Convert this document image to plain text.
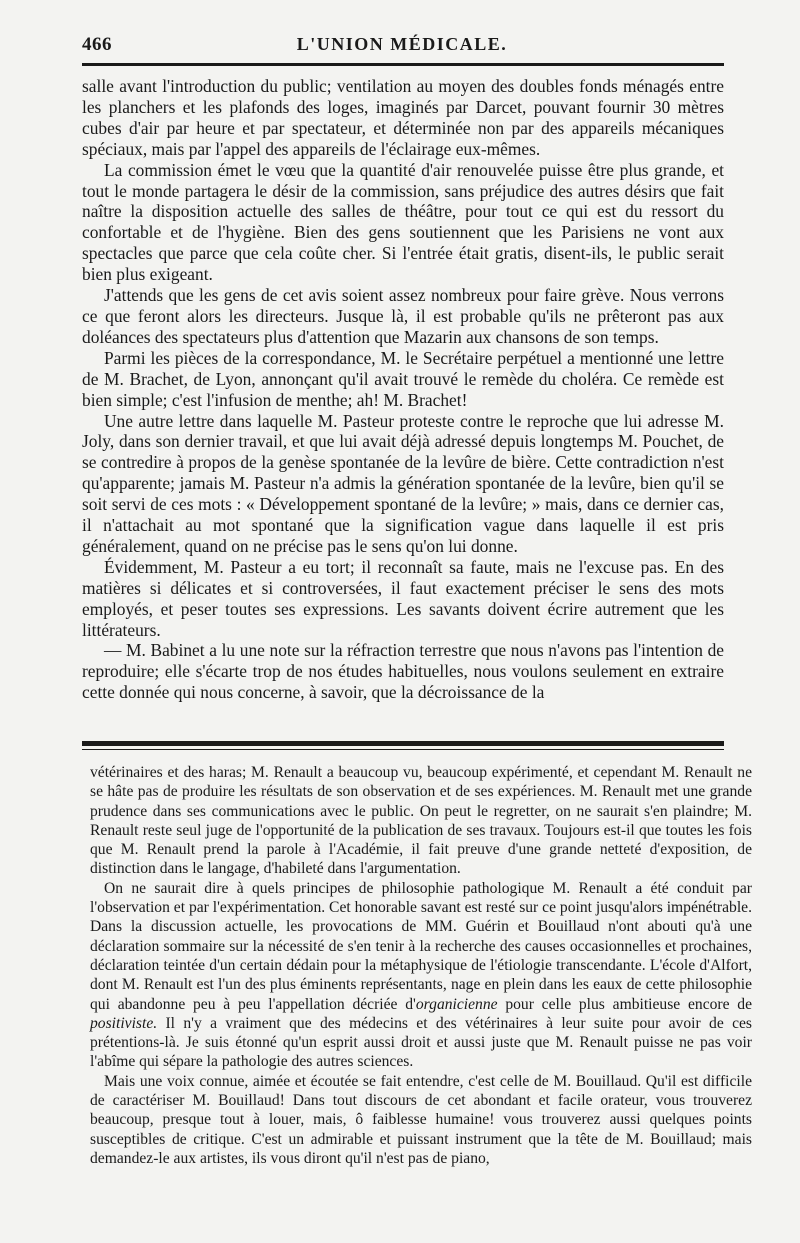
466	L'UNION MÉDICALE.

salle avant l'introduction du public; ventilation au moyen des doubles fonds ménagés entre les planchers et les plafonds des loges, imaginés par Darcet, pouvant fournir 30 mètres cubes d'air par heure et par spectateur, et déterminée non par des appareils mécaniques spéciaux, mais par l'appel des appareils de l'éclairage eux-mêmes.

La commission émet le vœu que la quantité d'air renouvelée puisse être plus grande, et tout le monde partagera le désir de la commission, sans préjudice des autres désirs que fait naître la disposition actuelle des salles de théâtre, pour tout ce qui est du ressort du confortable et de l'hygiène. Bien des gens soutiennent que les Parisiens ne vont aux spectacles que parce que cela coûte cher. Si l'entrée était gratis, disent-ils, le public serait bien plus exigeant.

J'attends que les gens de cet avis soient assez nombreux pour faire grève. Nous verrons ce que feront alors les directeurs. Jusque là, il est probable qu'ils ne prêteront pas aux doléances des spectateurs plus d'attention que Mazarin aux chansons de son temps.

Parmi les pièces de la correspondance, M. le Secrétaire perpétuel a mentionné une lettre de M. Brachet, de Lyon, annonçant qu'il avait trouvé le remède du choléra. Ce remède est bien simple; c'est l'infusion de menthe; ah! M. Brachet!

Une autre lettre dans laquelle M. Pasteur proteste contre le reproche que lui adresse M. Joly, dans son dernier travail, et que lui avait déjà adressé depuis longtemps M. Pouchet, de se contredire à propos de la genèse spontanée de la levûre de bière. Cette contradiction n'est qu'apparente; jamais M. Pasteur n'a admis la génération spontanée de la levûre, bien qu'il se soit servi de ces mots : « Développement spontané de la levûre; » mais, dans ce dernier cas, il n'attachait au mot spontané que la signification vague dans laquelle il est pris généralement, quand on ne précise pas le sens qu'on lui donne.

Évidemment, M. Pasteur a eu tort; il reconnaît sa faute, mais ne l'excuse pas. En des matières si délicates et si controversées, il faut exactement préciser le sens des mots employés, et peser toutes ses expressions. Les savants doivent écrire autrement que les littérateurs.

— M. Babinet a lu une note sur la réfraction terrestre que nous n'avons pas l'intention de reproduire; elle s'écarte trop de nos études habituelles, nous voulons seulement en extraire cette donnée qui nous concerne, à savoir, que la décroissance de la

vétérinaires et des haras; M. Renault a beaucoup vu, beaucoup expérimenté, et cependant M. Renault ne se hâte pas de produire les résultats de son observation et de ses expériences. M. Renault met une grande prudence dans ses communications avec le public. On peut le regretter, on ne saurait s'en plaindre; M. Renault reste seul juge de l'opportunité de la publication de ses travaux. Toujours est-il que toutes les fois que M. Renault prend la parole à l'Académie, il fait preuve d'une grande netteté d'exposition, de distinction dans le langage, d'habileté dans l'argumentation.

On ne saurait dire à quels principes de philosophie pathologique M. Renault a été conduit par l'observation et par l'expérimentation. Cet honorable savant est resté sur ce point jusqu'alors impénétrable. Dans la discussion actuelle, les provocations de MM. Guérin et Bouillaud n'ont abouti qu'à une déclaration sommaire sur la nécessité de s'en tenir à la recherche des causes occasionnelles et prochaines, déclaration teintée d'un certain dédain pour la métaphysique de l'étiologie transcendante. L'école d'Alfort, dont M. Renault est l'un des plus éminents représentants, nage en plein dans les eaux de cette philosophie qui abandonne peu à peu l'appellation décriée d'organicienne pour celle plus ambitieuse encore de positiviste. Il n'y a vraiment que des médecins et des vétérinaires à leur suite pour avoir de ces prétentions-là. Je suis étonné qu'un esprit aussi droit et aussi juste que M. Renault puisse ne pas voir l'abîme qui sépare la pathologie des autres sciences.

Mais une voix connue, aimée et écoutée se fait entendre, c'est celle de M. Bouillaud. Qu'il est difficile de caractériser M. Bouillaud! Dans tout discours de cet abondant et facile orateur, vous trouverez beaucoup, presque tout à louer, mais, ô faiblesse humaine! vous trouverez aussi quelques points susceptibles de critique. C'est un admirable et puissant instrument que la tête de M. Bouillaud; mais demandez-le aux artistes, ils vous diront qu'il n'est pas de piano,
